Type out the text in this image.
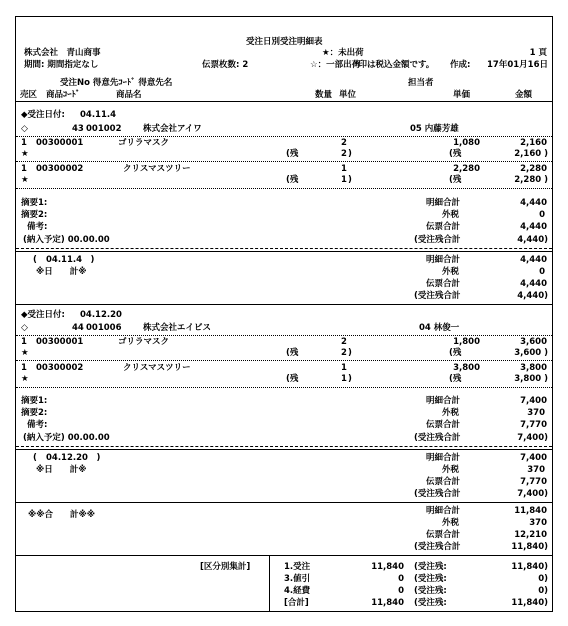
受注日別受注明細表
株式会社　青山商事	★：未出荷	1 頁
期間: 期間指定なし	伝票枚数: 2	☆：一部出荷
*印は税込金額です。 作成:	17年01月16日
受注No 得意先ｺｰﾄﾞ 得意先名	担当者
売区 商品ｺｰﾄﾞ	商品名	数量 単位	単価	金額
◆受注日付: 04.11.4
◇	43 001002	株式会社アイワ	05 内藤芳雄
1 00300001	ゴリラマスク	2	1,080	2,160
★	(残	2 )	(残	2,160 )
1 00300002	クリスマスツリー	1	2,280	2,280
★	(残	1 )	(残	2,280 )
摘要1:
摘要2:
備考:
(納入予定) 00.00.00
明細合計	4,440
外税	0
伝票合計	4,440
(受注残合計	4,440)
( 04.11.4　)
※日　　計※
明細合計	4,440
外税	0
伝票合計	4,440
(受注残合計	4,440)
◆受注日付: 04.12.20
◇	44 001006	株式会社エイビス	04 林俊一
1 00300001	ゴリラマスク	2	1,800	3,600
★	(残	2 )	(残	3,600 )
1 00300002	クリスマスツリー	1	3,800	3,800
★	(残	1 )	(残	3,800 )
摘要1:
摘要2:
備考:
(納入予定) 00.00.00
明細合計	7,400
外税	370
伝票合計	7,770
(受注残合計	7,400)
( 04.12.20　)
※日　　計※
明細合計	7,400
外税	370
伝票合計	7,770
(受注残合計	7,400)
※※合　　計※※	明細合計	11,840
外税	370
伝票合計	12,210
(受注残合計	11,840)
[区分別集計]	1.受注	11,840 (受注残:	11,840)
3.値引	0 (受注残:	0)
4.経費	0 (受注残:	0)
[合計]	11,840 (受注残:	11,840)
